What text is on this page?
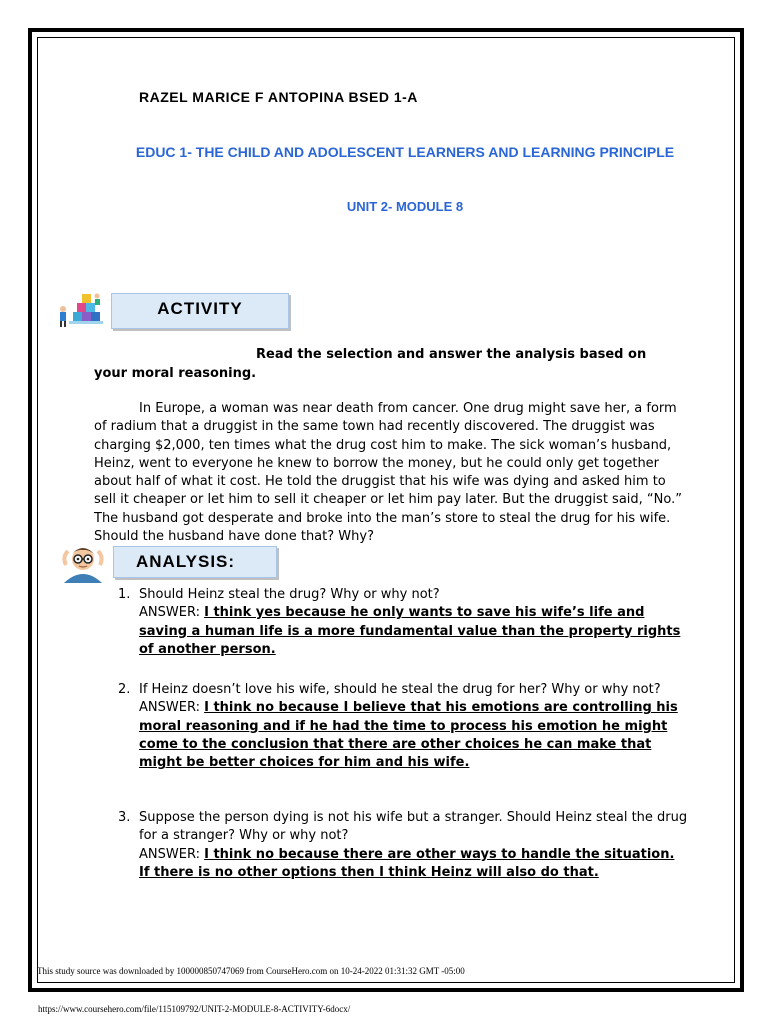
RAZEL MARICE F ANTOPINA BSED 1-A
EDUC 1- THE CHILD AND ADOLESCENT LEARNERS AND LEARNING PRINCIPLE
UNIT 2- MODULE 8
ACTIVITY
Read the selection and answer the analysis based on
your moral reasoning.
In Europe, a woman was near death from cancer. One drug might save her, a form of radium that a druggist in the same town had recently discovered. The druggist was charging $2,000, ten times what the drug cost him to make. The sick woman’s husband, Heinz, went to everyone he knew to borrow the money, but he could only get together about half of what it cost. He told the druggist that his wife was dying and asked him to sell it cheaper or let him to sell it cheaper or let him pay later. But the druggist said, “No.” The husband got desperate and broke into the man’s store to steal the drug for his wife. Should the husband have done that? Why?
ANALYSIS:
1. Should Heinz steal the drug? Why or why not?
ANSWER: I think yes because he only wants to save his wife’s life and saving a human life is a more fundamental value than the property rights of another person.
2. If Heinz doesn’t love his wife, should he steal the drug for her? Why or why not?
ANSWER: I think no because I believe that his emotions are controlling his moral reasoning and if he had the time to process his emotion he might come to the conclusion that there are other choices he can make that might be better choices for him and his wife.
3. Suppose the person dying is not his wife but a stranger. Should Heinz steal the drug for a stranger? Why or why not?
ANSWER: I think no because there are other ways to handle the situation. If there is no other options then I think Heinz will also do that.
This study source was downloaded by 100000850747069 from CourseHero.com on 10-24-2022 01:31:32 GMT -05:00
https://www.coursehero.com/file/115109792/UNIT-2-MODULE-8-ACTIVITY-6docx/
